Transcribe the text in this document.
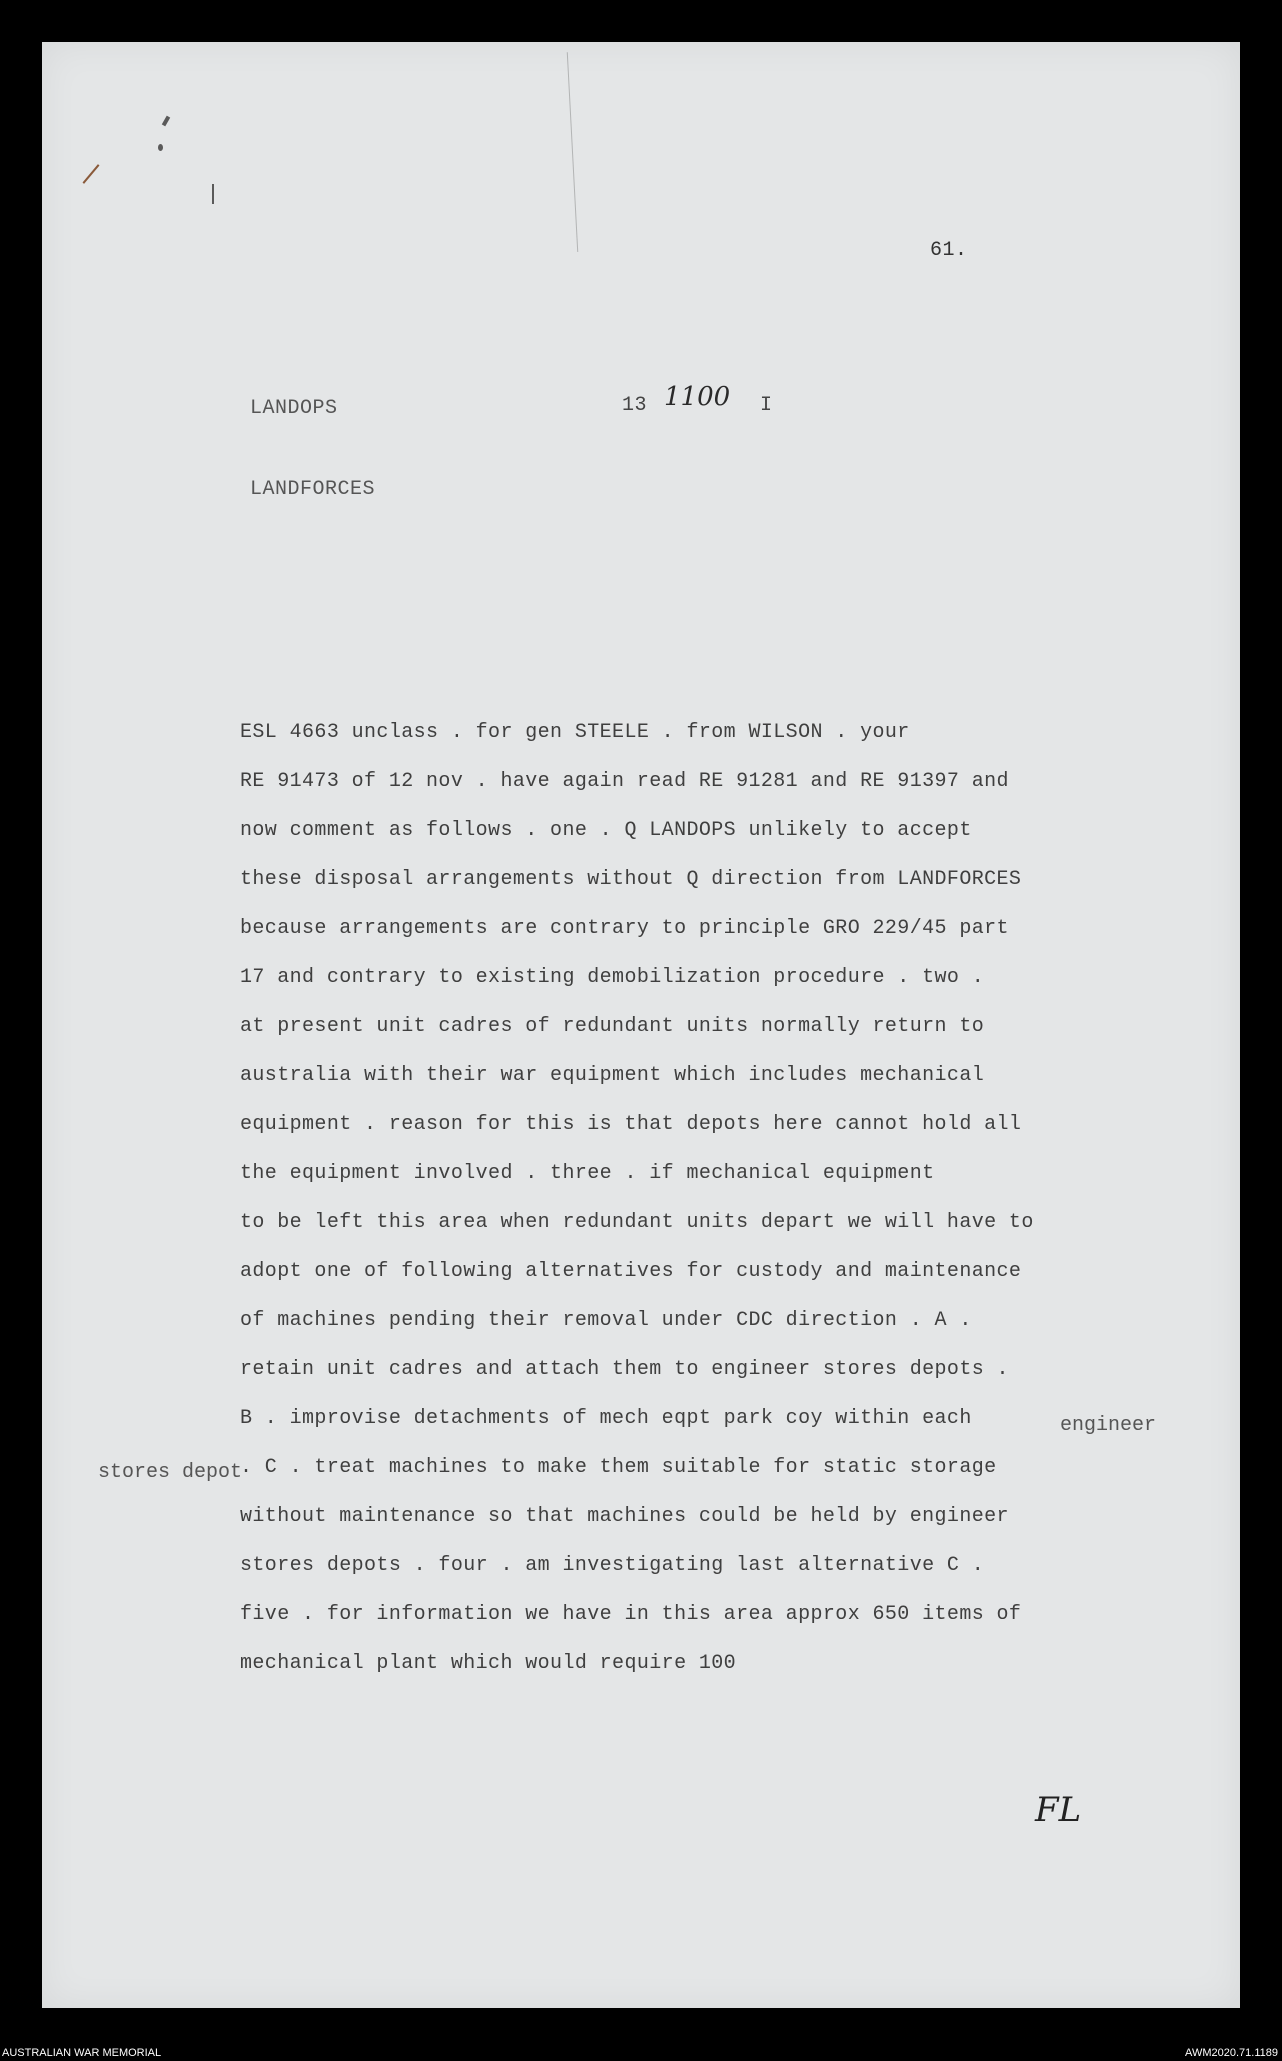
61.

LANDOPS	13 1100 I

LANDFORCES

ESL 4663 unclass . for gen STEELE . from WILSON . your

RE 91473 of 12 nov . have again read RE 91281 and RE 91397 and

now comment as follows . one . Q LANDOPS unlikely to accept

these disposal arrangements without Q direction from LANDFORCES

because arrangements are contrary to principle GRO 229/45 part

17 and contrary to existing demobilization procedure . two .

at present unit cadres of redundant units normally return to

australia with their war equipment which includes mechanical

equipment . reason for this is that depots here cannot hold all

the equipment involved . three . if mechanical equipment

to be left this area when redundant units depart we will have to

adopt one of following alternatives for custody and maintenance

of machines pending their removal under CDC direction . A .

retain unit cadres and attach them to engineer stores depots .

B . improvise detachments of mech eqpt park coy within each

. C . treat machines to make them suitable for static storage

without maintenance so that machines could be held by engineer

stores depots . four . am investigating last alternative C .

five . for information we have in this area approx 650 items of

mechanical plant which would require 100

engineer
stores depot
FL
AUSTRALIAN WAR MEMORIAL	AWM2020.71.1189
